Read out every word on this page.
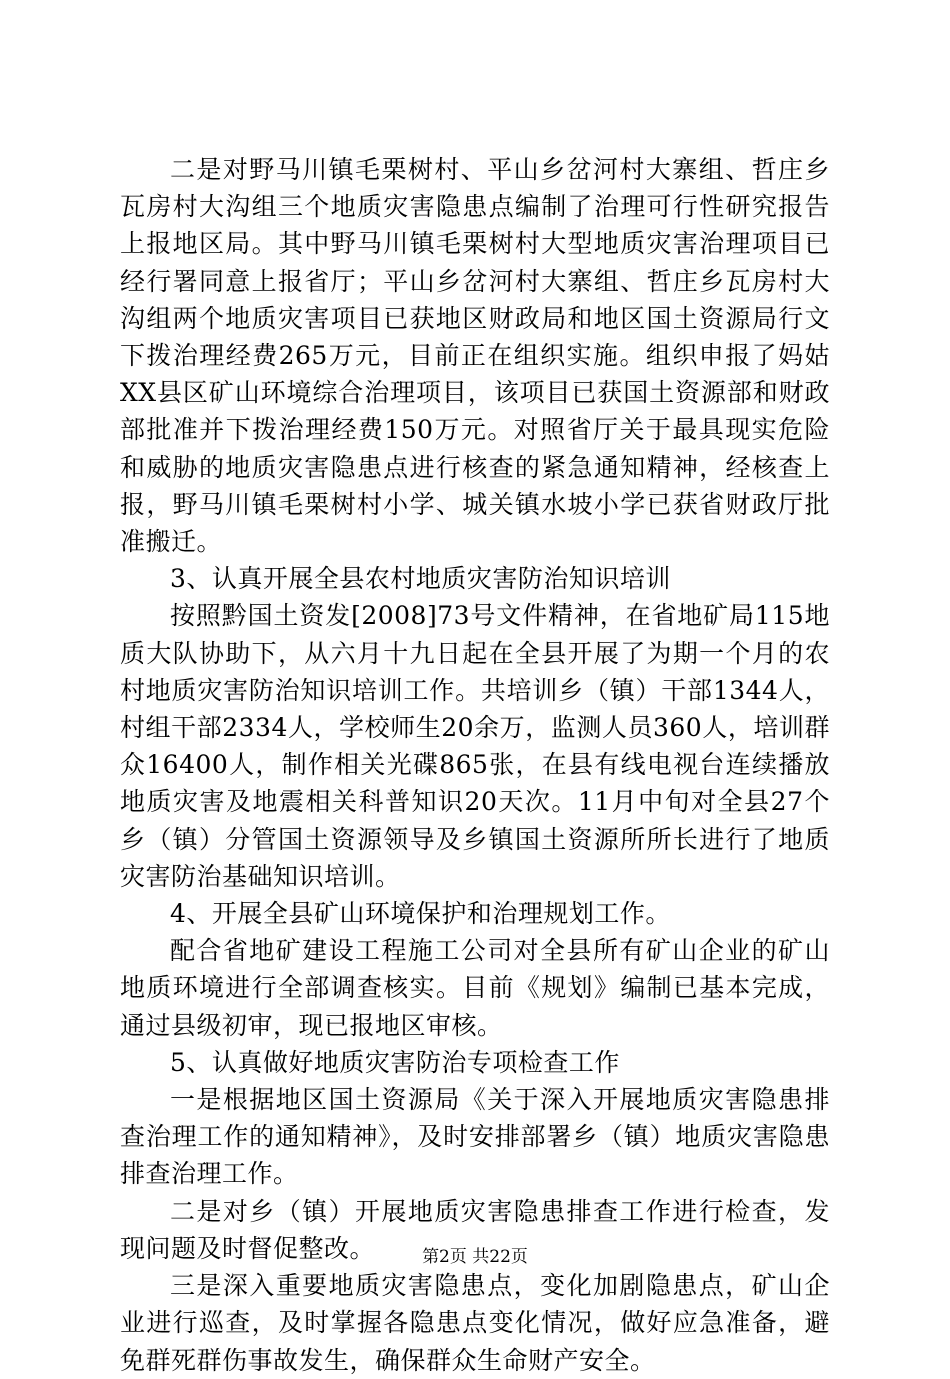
二是对野马川镇毛栗树村、平山乡岔河村大寨组、哲庄乡瓦房村大沟组三个地质灾害隐患点编制了治理可行性研究报告上报地区局。其中野马川镇毛栗树村大型地质灾害治理项目已经行署同意上报省厅；平山乡岔河村大寨组、哲庄乡瓦房村大沟组两个地质灾害项目已获地区财政局和地区国土资源局行文下拨治理经费265万元，目前正在组织实施。组织申报了妈姑XX县区矿山环境综合治理项目，该项目已获国土资源部和财政部批准并下拨治理经费150万元。对照省厅关于最具现实危险和威胁的地质灾害隐患点进行核查的紧急通知精神，经核查上报，野马川镇毛栗树村小学、城关镇水坡小学已获省财政厅批准搬迁。

3、认真开展全县农村地质灾害防治知识培训

按照黔国土资发[2008]73号文件精神，在省地矿局115地质大队协助下，从六月十九日起在全县开展了为期一个月的农村地质灾害防治知识培训工作。共培训乡（镇）干部1344人，村组干部2334人，学校师生20余万，监测人员360人，培训群众16400人，制作相关光碟865张，在县有线电视台连续播放地质灾害及地震相关科普知识20天次。11月中旬对全县27个乡（镇）分管国土资源领导及乡镇国土资源所所长进行了地质灾害防治基础知识培训。

4、开展全县矿山环境保护和治理规划工作。

配合省地矿建设工程施工公司对全县所有矿山企业的矿山地质环境进行全部调查核实。目前《规划》编制已基本完成，通过县级初审，现已报地区审核。

5、认真做好地质灾害防治专项检查工作

一是根据地区国土资源局《关于深入开展地质灾害隐患排查治理工作的通知精神》，及时安排部署乡（镇）地质灾害隐患排查治理工作。

二是对乡（镇）开展地质灾害隐患排查工作进行检查，发现问题及时督促整改。

三是深入重要地质灾害隐患点，变化加剧隐患点，矿山企业进行巡查，及时掌握各隐患点变化情况，做好应急准备，避免群死群伤事故发生，确保群众生命财产安全。

第2页 共22页
